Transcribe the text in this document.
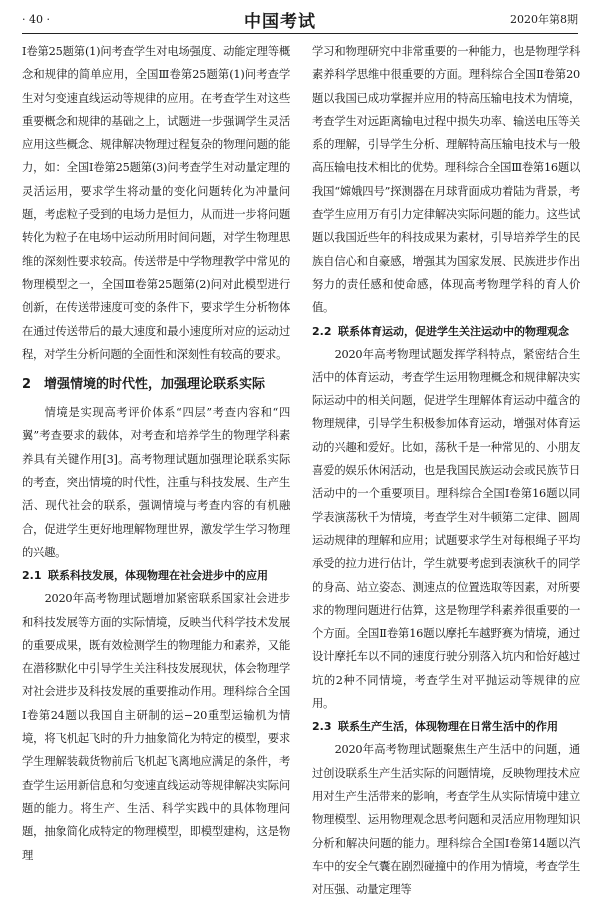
· 40 ·	中国考试	2020年第8期

Ⅰ卷第25题第(1)问考查学生对电场强度、动能定理等概念和规律的简单应用，全国Ⅲ卷第25题第(1)问考查学生对匀变速直线运动等规律的应用。在考查学生对这些重要概念和规律的基础之上，试题进一步强调学生灵活应用这些概念、规律解决物理过程复杂的物理问题的能力，如：全国Ⅰ卷第25题第(3)问考查学生对动量定理的灵活运用，要求学生将动量的变化问题转化为冲量问题，考虑粒子受到的电场力是恒力，从而进一步将问题转化为粒子在电场中运动所用时间问题，对学生物理思维的深刻性要求较高。传送带是中学物理教学中常见的物理模型之一，全国Ⅲ卷第25题第(2)问对此模型进行创新，在传送带速度可变的条件下，要求学生分析物体在通过传送带后的最大速度和最小速度所对应的运动过程，对学生分析问题的全面性和深刻性有较高的要求。

2 增强情境的时代性，加强理论联系实际

情境是实现高考评价体系“四层”考查内容和“四翼”考查要求的载体，对考查和培养学生的物理学科素养具有关键作用[3]。高考物理试题加强理论联系实际的考查，突出情境的时代性，注重与科技发展、生产生活、现代社会的联系，强调情境与考查内容的有机融合，促进学生更好地理解物理世界，激发学生学习物理的兴趣。

2.1 联系科技发展，体现物理在社会进步中的应用

2020年高考物理试题增加紧密联系国家社会进步和科技发展等方面的实际情境，反映当代科学技术发展的重要成果，既有效检测学生的物理能力和素养，又能在潜移默化中引导学生关注科技发展现状，体会物理学对社会进步及科技发展的重要推动作用。理科综合全国Ⅰ卷第24题以我国自主研制的运−20重型运输机为情境，将飞机起飞时的升力抽象简化为特定的模型，要求学生理解装载货物前后飞机起飞离地应满足的条件，考查学生运用新信息和匀变速直线运动等规律解决实际问题的能力。将生产、生活、科学实践中的具体物理问题，抽象简化成特定的物理模型，即模型建构，这是物理

学习和物理研究中非常重要的一种能力，也是物理学科素养科学思维中很重要的方面。理科综合全国Ⅱ卷第20题以我国已成功掌握并应用的特高压输电技术为情境，考查学生对远距离输电过程中损失功率、输送电压等关系的理解，引导学生分析、理解特高压输电技术与一般高压输电技术相比的优势。理科综合全国Ⅲ卷第16题以我国“嫦娥四号”探测器在月球背面成功着陆为背景，考查学生应用万有引力定律解决实际问题的能力。这些试题以我国近些年的科技成果为素材，引导培养学生的民族自信心和自豪感，增强其为国家发展、民族进步作出努力的责任感和使命感，体现高考物理学科的育人价值。

2.2 联系体育运动，促进学生关注运动中的物理观念

2020年高考物理试题发挥学科特点，紧密结合生活中的体育运动，考查学生运用物理概念和规律解决实际运动中的相关问题，促进学生理解体育运动中蕴含的物理规律，引导学生积极参加体育运动，增强对体育运动的兴趣和爱好。比如，荡秋千是一种常见的、小朋友喜爱的娱乐休闲活动，也是我国民族运动会或民族节日活动中的一个重要项目。理科综合全国Ⅰ卷第16题以同学表演荡秋千为情境，考查学生对牛顿第二定律、圆周运动规律的理解和应用；试题要求学生对每根绳子平均承受的拉力进行估计，学生就要考虑到表演秋千的同学的身高、站立姿态、测速点的位置选取等因素，对所要求的物理问题进行估算，这是物理学科素养很重要的一个方面。全国Ⅱ卷第16题以摩托车越野赛为情境，通过设计摩托车以不同的速度行驶分别落入坑内和恰好越过坑的2种不同情境，考查学生对平抛运动等规律的应用。

2.3 联系生产生活，体现物理在日常生活中的作用

2020年高考物理试题聚焦生产生活中的问题，通过创设联系生产生活实际的问题情境，反映物理技术应用对生产生活带来的影响，考查学生从实际情境中建立物理模型、运用物理观念思考问题和灵活应用物理知识分析和解决问题的能力。理科综合全国Ⅰ卷第14题以汽车中的安全气囊在剧烈碰撞中的作用为情境，考查学生对压强、动量定理等
